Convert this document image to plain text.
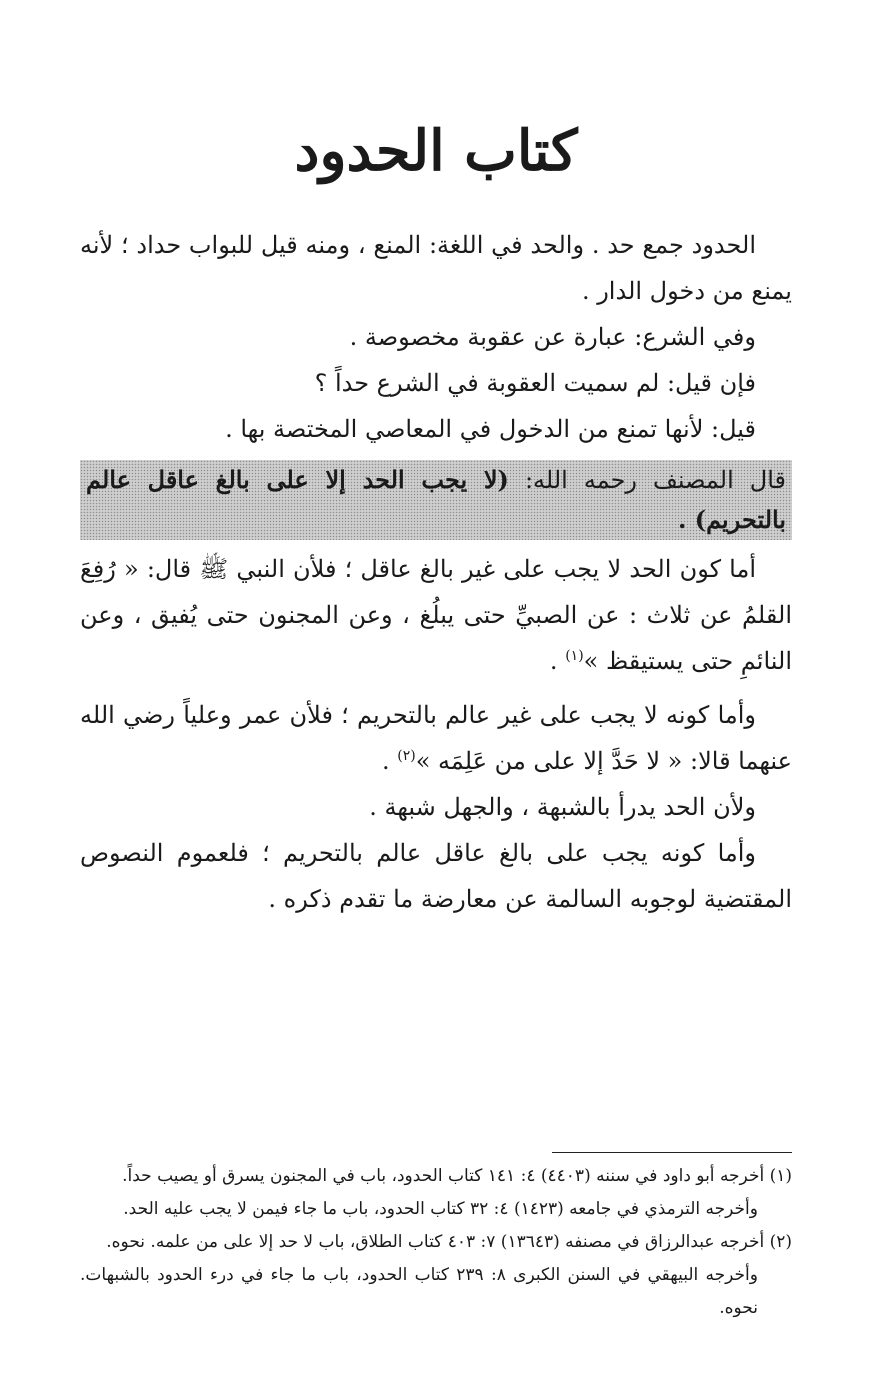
كتاب الحدود

الحدود جمع حد . والحد في اللغة: المنع ، ومنه قيل للبواب حداد ؛ لأنه يمنع من دخول الدار .

وفي الشرع: عبارة عن عقوبة مخصوصة .

فإن قيل: لم سميت العقوبة في الشرع حداً ؟

قيل: لأنها تمنع من الدخول في المعاصي المختصة بها .

قال المصنف رحمه الله: (لا يجب الحد إلا على بالغ عاقل عالم بالتحريم) .

أما كون الحد لا يجب على غير بالغ عاقل ؛ فلأن النبي ﷺ قال: « رُفِعَ القلمُ عن ثلاث : عن الصبيِّ حتى يبلُغ ، وعن المجنون حتى يُفيق ، وعن النائمِ حتى يستيقظ »$^{(١)}$ .

وأما كونه لا يجب على غير عالم بالتحريم ؛ فلأن عمر وعلياً رضي الله عنهما قالا: « لا حَدَّ إلا على من عَلِمَه »$^{(٢)}$ .

ولأن الحد يدرأ بالشبهة ، والجهل شبهة .

وأما كونه يجب على بالغ عاقل عالم بالتحريم ؛ فلعموم النصوص المقتضية لوجوبه السالمة عن معارضة ما تقدم ذكره .

(١) أخرجه أبو داود في سننه (٤٤٠٣) ٤: ١٤١ كتاب الحدود، باب في المجنون يسرق أو يصيب حداً.

وأخرجه الترمذي في جامعه (١٤٢٣) ٤: ٣٢ كتاب الحدود، باب ما جاء فيمن لا يجب عليه الحد.

(٢) أخرجه عبدالرزاق في مصنفه (١٣٦٤٣) ٧: ٤٠٣ كتاب الطلاق، باب لا حد إلا على من علمه. نحوه.

وأخرجه البيهقي في السنن الكبرى ٨: ٢٣٩ كتاب الحدود، باب ما جاء في درء الحدود بالشبهات. نحوه.
